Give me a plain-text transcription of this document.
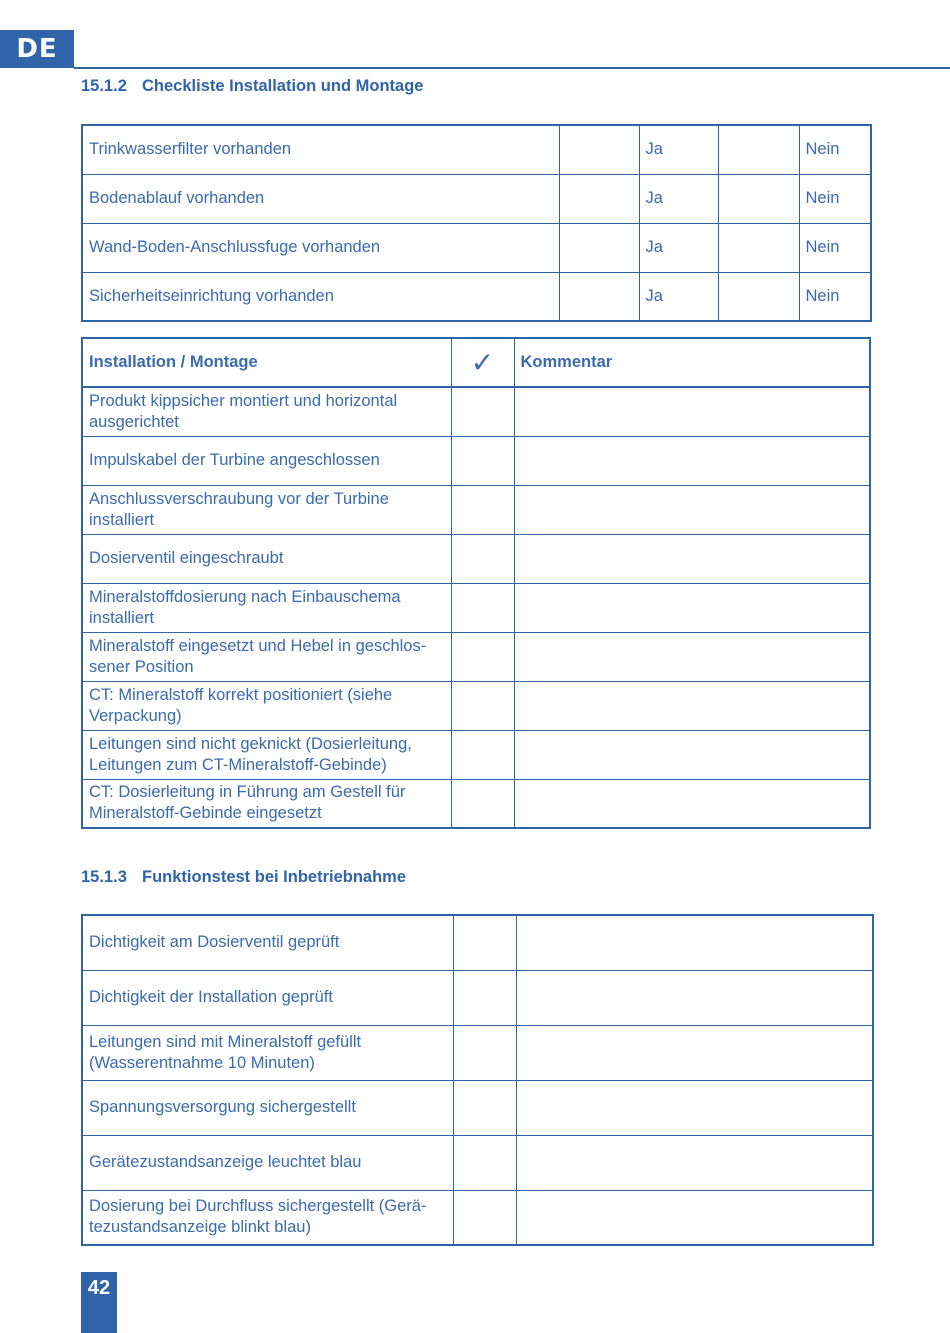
DE
15.1.2 Checkliste Installation und Montage
Trinkwasserfilter vorhanden		Ja		Nein
Bodenablauf vorhanden		Ja		Nein
Wand-Boden-Anschlussfuge vorhanden		Ja		Nein
Sicherheitseinrichtung vorhanden		Ja		Nein
Installation / Montage	✓	Kommentar

Produkt kippsicher montiert und horizontal
ausgerichtet		

Impulskabel der Turbine angeschlossen		

Anschlussverschraubung vor der Turbine
installiert		

Dosierventil eingeschraubt		

Mineralstoffdosierung nach Einbauschema
installiert		

Mineralstoff eingesetzt und Hebel in geschlos-
sener Position		

CT: Mineralstoff korrekt positioniert (siehe
Verpackung)		

Leitungen sind nicht geknickt (Dosierleitung,
Leitungen zum CT-Mineralstoff-Gebinde)		

CT: Dosierleitung in Führung am Gestell für
Mineralstoff-Gebinde eingesetzt		

15.1.3 Funktionstest bei Inbetriebnahme
Dichtigkeit am Dosierventil geprüft		

Dichtigkeit der Installation geprüft		

Leitungen sind mit Mineralstoff gefüllt
(Wasserentnahme 10 Minuten)		

Spannungsversorgung sichergestellt		

Gerätezustandsanzeige leuchtet blau		

Dosierung bei Durchfluss sichergestellt (Gerä-
tezustandsanzeige blinkt blau)		

42
